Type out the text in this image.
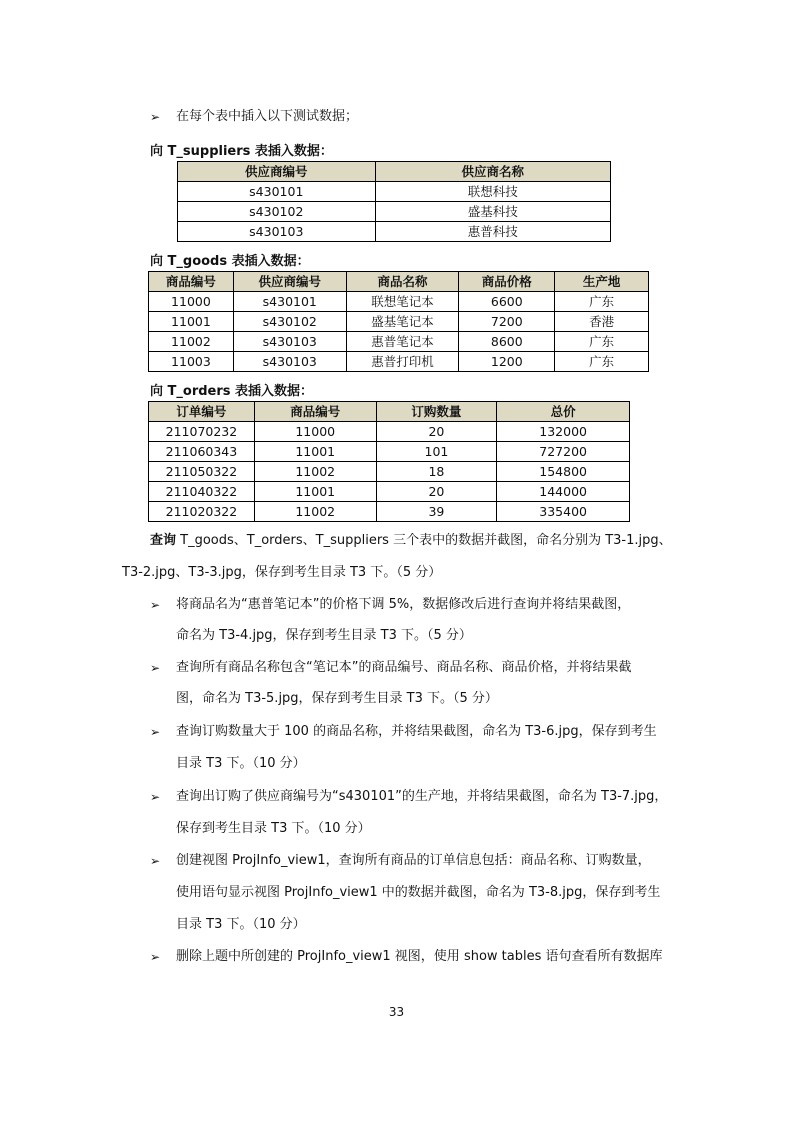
➢	在每个表中插入以下测试数据；
向 T_suppliers 表插入数据：
供应商编号	供应商名称
s430101	联想科技
s430102	盛基科技
s430103	惠普科技
向 T_goods 表插入数据：
商品编号	供应商编号	商品名称	商品价格	生产地
11000	s430101	联想笔记本	6600	广东
11001	s430102	盛基笔记本	7200	香港
11002	s430103	惠普笔记本	8600	广东
11003	s430103	惠普打印机	1200	广东
向 T_orders 表插入数据：
订单编号	商品编号	订购数量	总价
211070232	11000	20	132000
211060343	11001	101	727200
211050322	11002	18	154800
211040322	11001	20	144000
211020322	11002	39	335400
查询 T_goods、T_orders、T_suppliers 三个表中的数据并截图，命名分别为 T3-1.jpg、
T3-2.jpg、T3-3.jpg，保存到考生目录 T3 下。（5 分）
➢	将商品名为“惠普笔记本”的价格下调 5%，数据修改后进行查询并将结果截图，
命名为 T3-4.jpg，保存到考生目录 T3 下。（5 分）
➢	查询所有商品名称包含“笔记本”的商品编号、商品名称、商品价格，并将结果截
图，命名为 T3-5.jpg，保存到考生目录 T3 下。（5 分）
➢	查询订购数量大于 100 的商品名称，并将结果截图，命名为 T3-6.jpg，保存到考生
目录 T3 下。（10 分）
➢	查询出订购了供应商编号为“s430101”的生产地，并将结果截图，命名为 T3-7.jpg，
保存到考生目录 T3 下。（10 分）
➢	创建视图 ProjInfo_view1，查询所有商品的订单信息包括：商品名称、订购数量，
使用语句显示视图 ProjInfo_view1 中的数据并截图，命名为 T3-8.jpg，保存到考生
目录 T3 下。（10 分）
➢	删除上题中所创建的 ProjInfo_view1 视图，使用 show tables 语句查看所有数据库
33
